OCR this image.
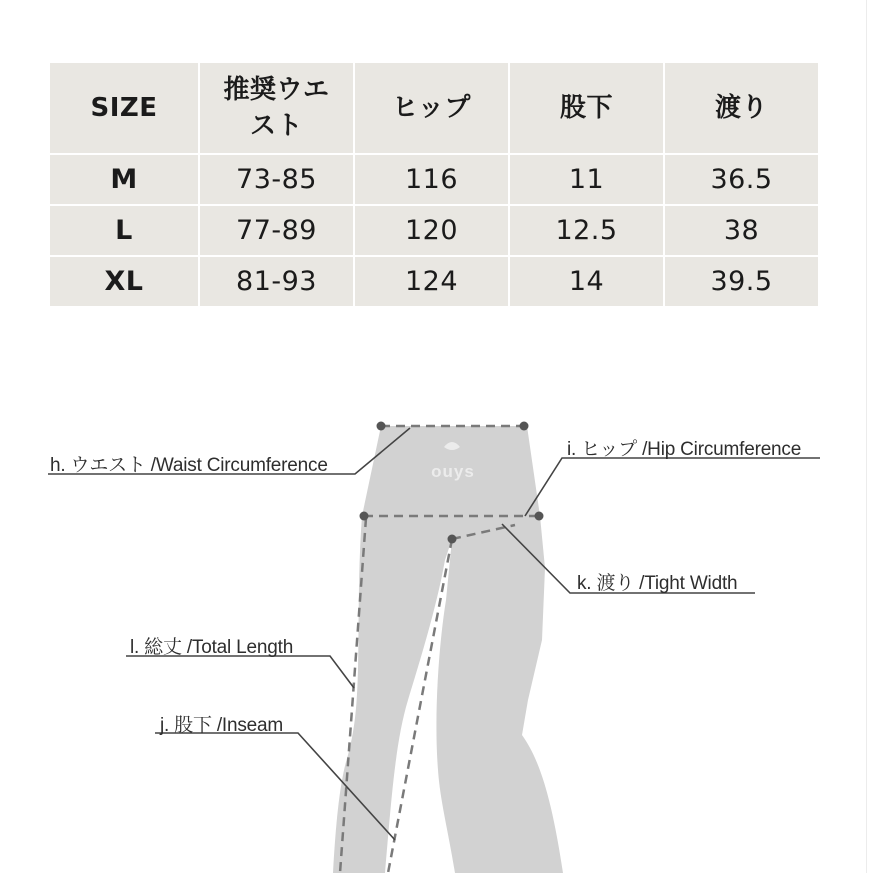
SIZE	推奨ウエスト	ヒップ	股下	渡り
M	73-85	116	11	36.5
L	77-89	120	12.5	38
XL	81-93	124	14	39.5
ouys
h. ウエスト /Waist Circumference
i. ヒップ /Hip Circumference
k. 渡り /Tight Width
l. 総丈 /Total Length
j. 股下 /Inseam
